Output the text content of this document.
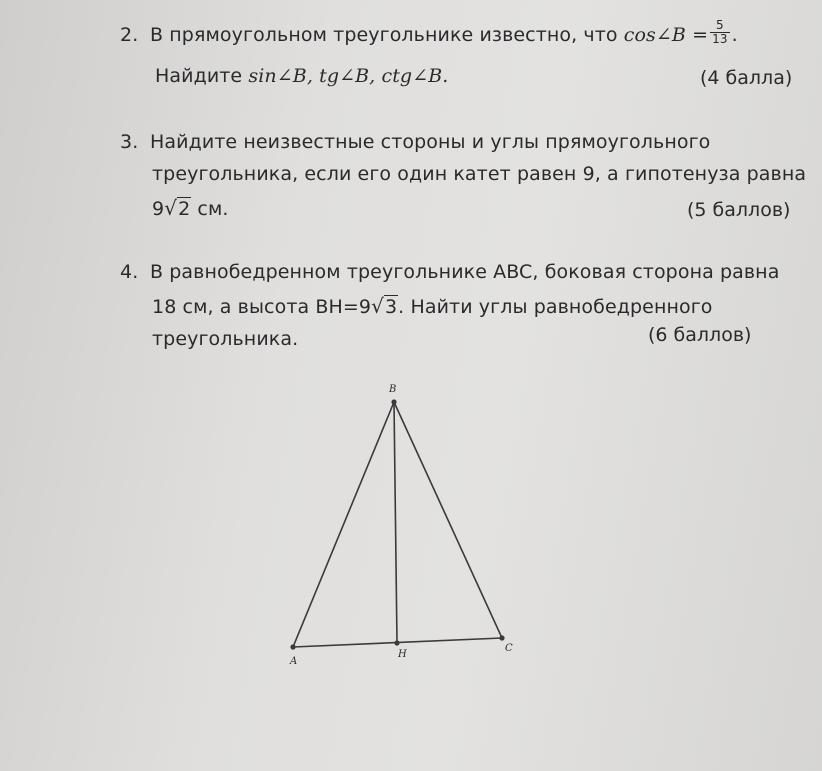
2. В прямоугольном треугольнике известно, что cos∠B = $\frac{5}{13}$ .
Найдите sin∠B, tg∠B, ctg∠B.	(4 балла)
3. Найдите неизвестные стороны и углы прямоугольного
треугольника, если его один катет равен 9, а гипотенуза равна
9√2 см.	(5 баллов)
4. В равнобедренном треугольнике ABC, боковая сторона равна
18 см, а высота BH=9√3. Найти углы равнобедренного
треугольника.	(6 баллов)
B
A
C
H
